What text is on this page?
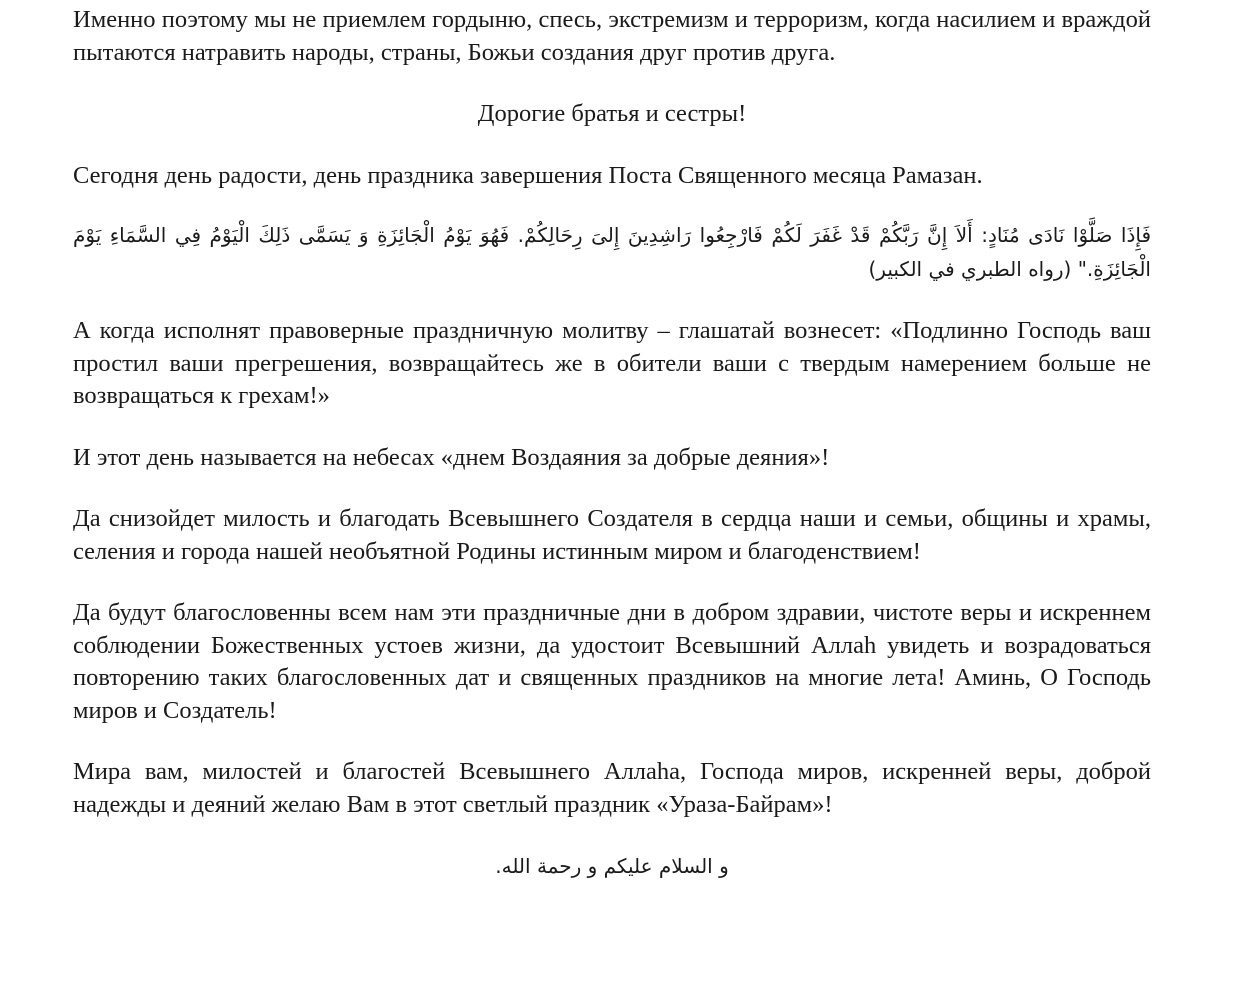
Именно поэтому мы не приемлем гордыню, спесь, экстремизм и терроризм, когда насилием и враждой пытаются натравить народы, страны, Божьи создания друг против друга.

Дорогие братья и сестры!

Сегодня день радости, день праздника завершения Поста Священного месяца Рамазан.

فَإِذَا صَلَّوْا نَادَى مُنَادٍ: أَلاَ إِنَّ رَبَّكُمْ قَدْ غَفَرَ لَكُمْ فَارْجِعُوا رَاشِدِينَ إِلىَ رِحَالِكُمْ. فَهُوَ يَوْمُ الْجَائِزَةِ وَ يَسَمَّى ذَلِكَ الْيَوْمُ فِي السَّمَاءِ يَوْمَ الْجَائِزَةِ." (رواه الطبري في الكبير)

А когда исполнят правоверные праздничную молитву – глашатай вознесет: «Подлинно Господь ваш простил ваши прегрешения, возвращайтесь же в обители ваши с твердым намерением больше не возвращаться к грехам!»

И этот день называется на небесах «днем Воздаяния за добрые деяния»!

Да снизойдет милость и благодать Всевышнего Создателя в сердца наши и семьи, общины и храмы, селения и города нашей необъятной Родины истинным миром и благоденствием!

Да будут благословенны всем нам эти праздничные дни в добром здравии, чистоте веры и искреннем соблюдении Божественных устоев жизни, да удостоит Всевышний Аллаһ увидеть и возрадоваться повторению таких благословенных дат и священных праздников на многие лета! Аминь, О Господь миров и Создатель!

Мира вам, милостей и благостей Всевышнего Аллаһа, Господа миров, искренней веры, доброй надежды и деяний желаю Вам в этот светлый праздник «Ураза-Байрам»!

و السلام عليكم و رحمة الله.
